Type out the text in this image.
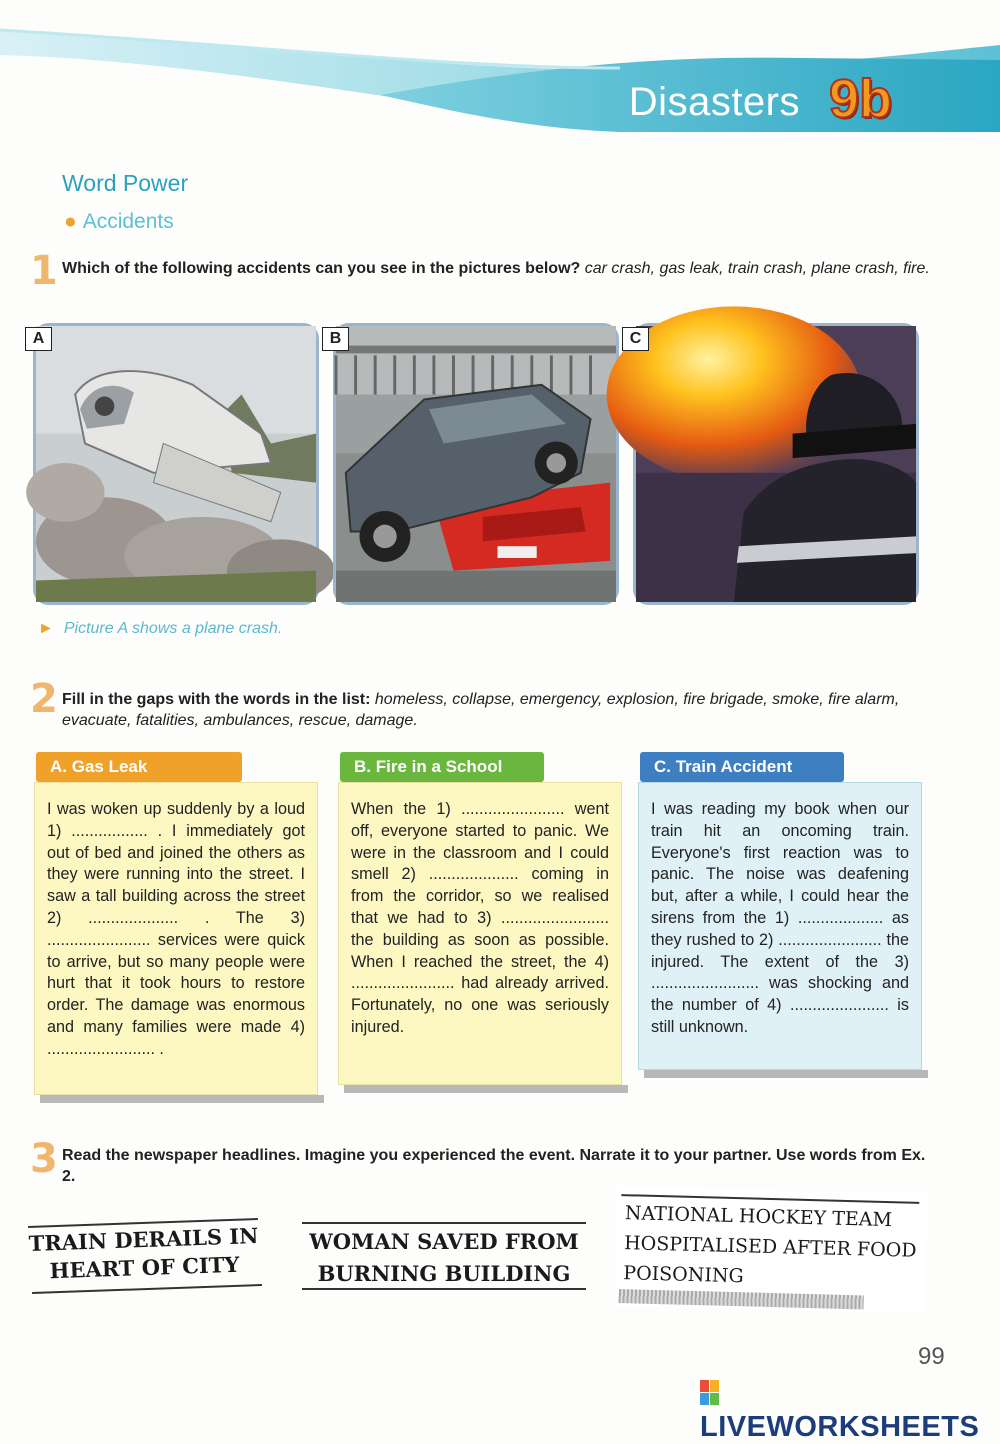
Disasters 9b
Word Power
● Accidents
1 Which of the following accidents can you see in the pictures below? car crash, gas leak, train crash, plane crash, fire.
A	B	C
► Picture A shows a plane crash.
2 Fill in the gaps with the words in the list: homeless, collapse, emergency, explosion, fire brigade, smoke, fire alarm, evacuate, fatalities, ambulances, rescue, damage.
I was woken up suddenly by a loud 1) ................. . I immediately got out of bed and joined the others as they were running into the street. I saw a tall building across the street 2) .................... . The 3) ....................... services were quick to arrive, but so many people were hurt that it took hours to restore order. The damage was enormous and many families were made 4) ........................ .
A. Gas Leak
When the 1) ....................... went off, everyone started to panic. We were in the classroom and I could smell 2) .................... coming in from the corridor, so we realised that we had to 3) ........................ the building as soon as possible. When I reached the street, the 4) ....................... had already arrived. Fortunately, no one was seriously injured.
B. Fire in a School
I was reading my book when our train hit an oncoming train. Everyone's first reaction was to panic. The noise was deafening but, after a while, I could hear the sirens from the 1) ................... as they rushed to 2) ....................... the injured. The extent of the 3) ........................ was shocking and the number of 4) ...................... is still unknown.
C. Train Accident
3 Read the newspaper headlines. Imagine you experienced the event. Narrate it to your partner. Use words from Ex. 2.
TRAIN DERAILS IN
HEART OF CITY
WOMAN SAVED FROM
BURNING BUILDING
NATIONAL HOCKEY TEAM
HOSPITALISED AFTER FOOD
POISONING
99
LIVEWORKSHEETS
